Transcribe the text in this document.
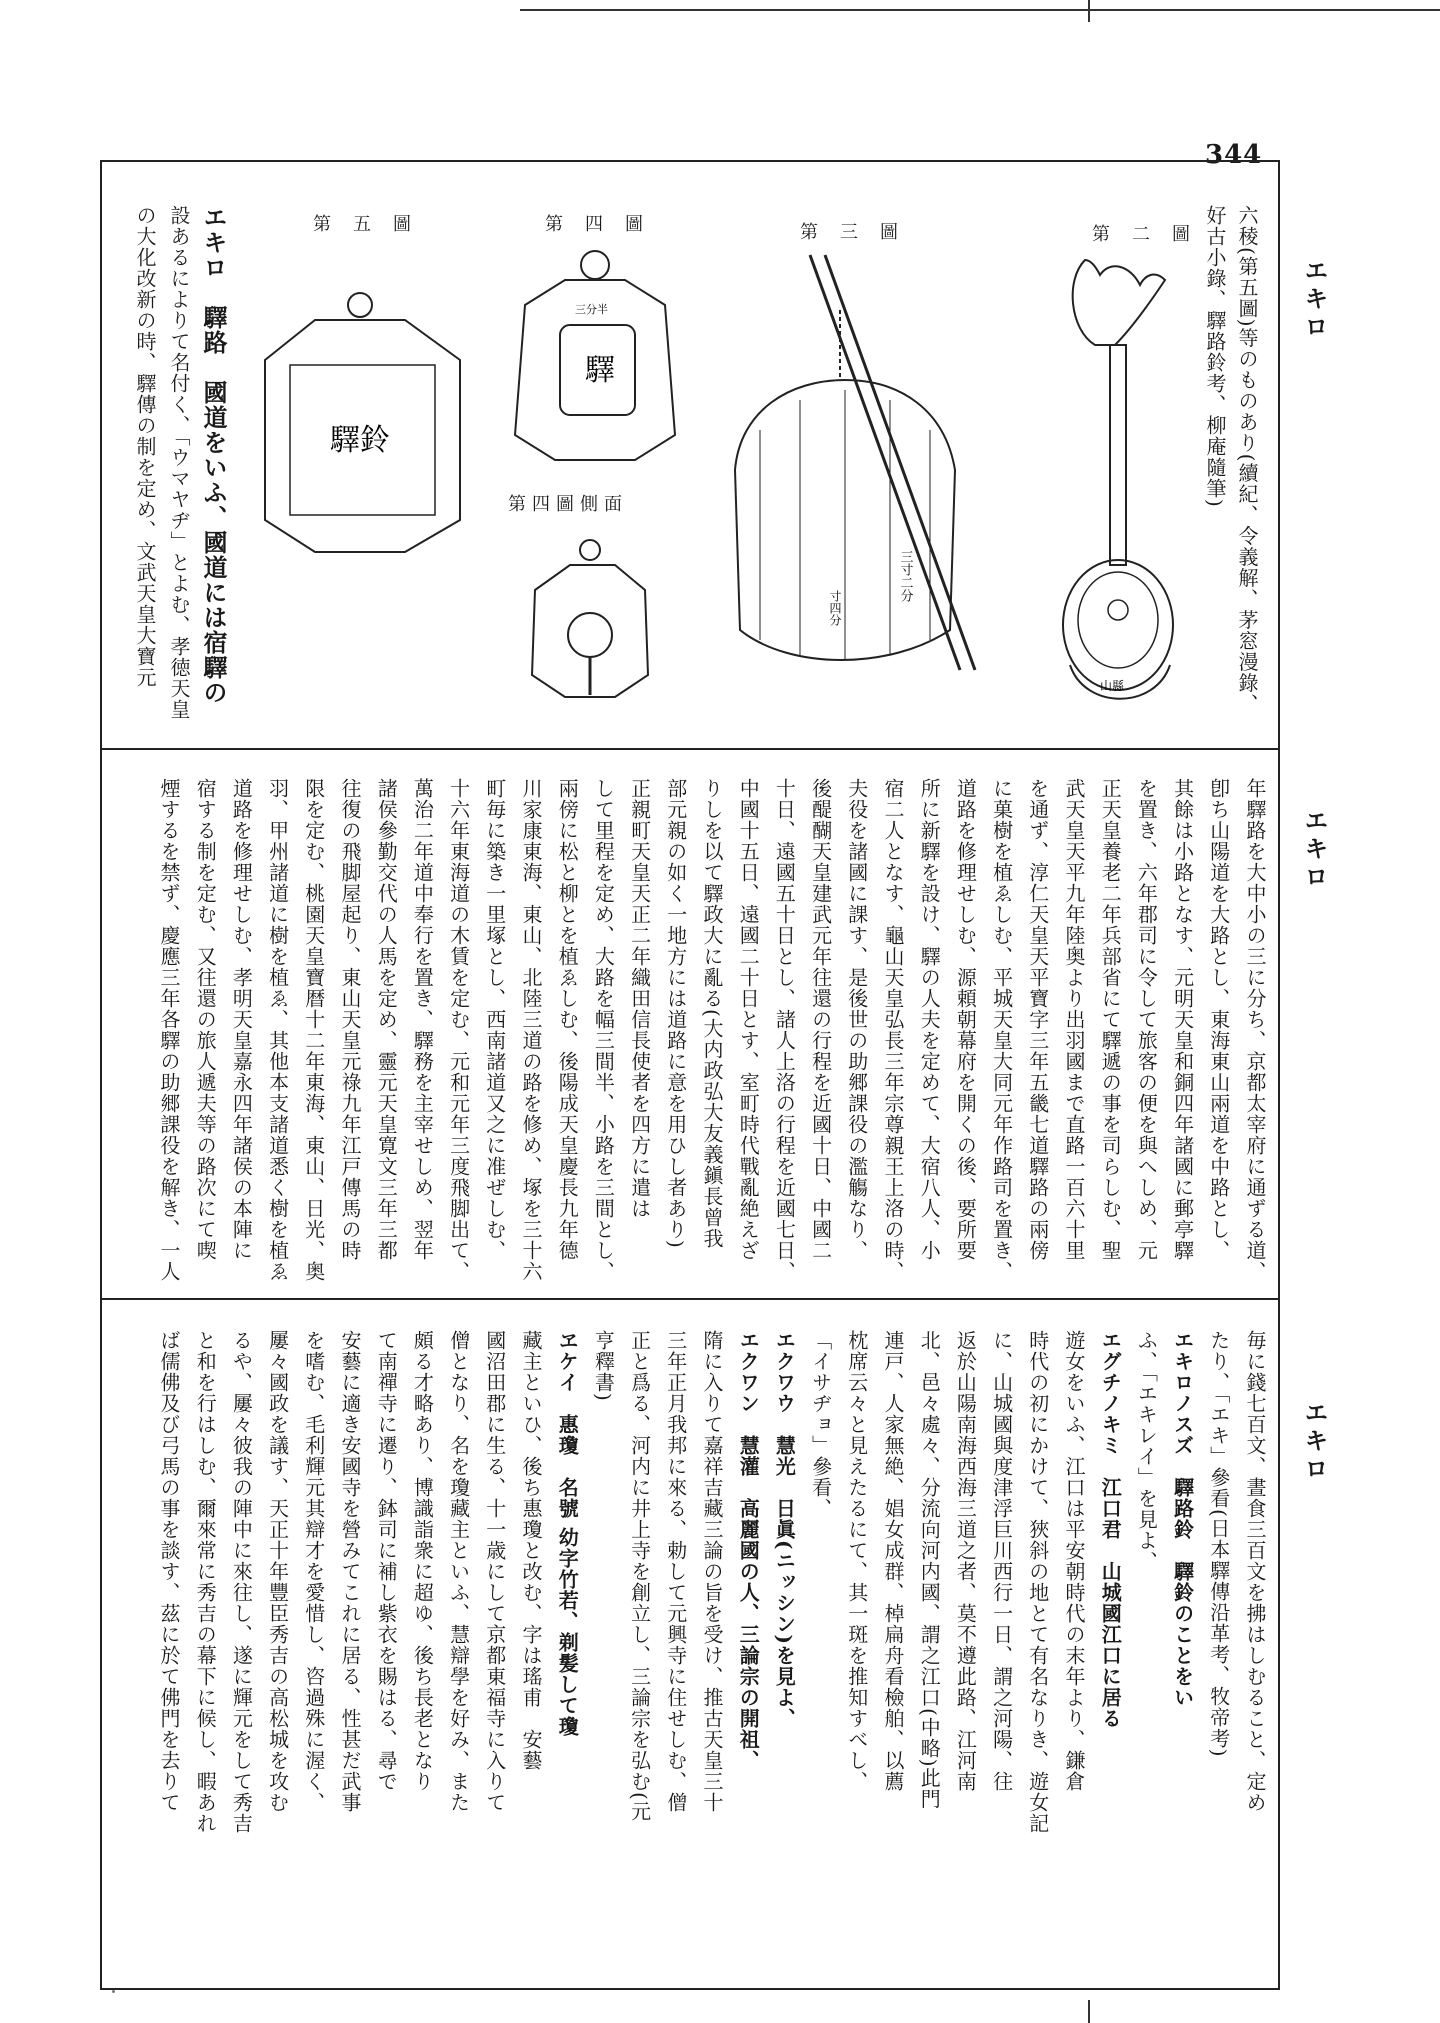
344
エキロ
エキロ
エキロ
六稜(第五圖)等のものあり(續紀、令義解、茅窓漫錄、
好古小錄、驛路鈴考、柳庵隨筆)
第二圖
第三圖
第四圖
第四圖側面
第五圖
山縣
三寸二分
寸四分
驛
三分半
驛鈴
エキロ　驛路　國道をいふ、國道には宿驛の
設あるによりて名付く、「ウマヤヂ」とよむ、孝徳天皇
の大化改新の時、驛傳の制を定め、文武天皇大寶元
年驛路を大中小の三に分ち、京都太宰府に通ずる道、
卽ち山陽道を大路とし、東海東山兩道を中路とし、
其餘は小路となす、元明天皇和銅四年諸國に郵亭驛
を置き、六年郡司に令して旅客の便を與へしめ、元
正天皇養老二年兵部省にて驛遞の事を司らしむ、聖
武天皇天平九年陸奥より出羽國まで直路一百六十里
を通ず、淳仁天皇天平寶字三年五畿七道驛路の兩傍
に菓樹を植ゑしむ、平城天皇大同元年作路司を置き、
道路を修理せしむ、源頼朝幕府を開くの後、要所要
所に新驛を設け、驛の人夫を定めて、大宿八人、小
宿二人となす、龜山天皇弘長三年宗尊親王上洛の時、
夫役を諸國に課す、是後世の助郷課役の濫觴なり、
後醍醐天皇建武元年往還の行程を近國十日、中國二
十日、遠國五十日とし、諸人上洛の行程を近國七日、
中國十五日、遠國二十日とす、室町時代戰亂絶えざ
りしを以て驛政大に亂る(大内政弘大友義鎭長曾我
部元親の如く一地方には道路に意を用ひし者あり)
正親町天皇天正二年織田信長使者を四方に遣は
して里程を定め、大路を幅三間半、小路を三間とし、
兩傍に松と柳とを植ゑしむ、後陽成天皇慶長九年德
川家康東海、東山、北陸三道の路を修め、塚を三十六
町毎に築き一里塚とし、西南諸道又之に准ぜしむ、
十六年東海道の木賃を定む、元和元年三度飛脚出て、
萬治二年道中奉行を置き、驛務を主宰せしめ、翌年
諸侯參勤交代の人馬を定め、靈元天皇寛文三年三都
往復の飛脚屋起り、東山天皇元祿九年江戸傳馬の時
限を定む、桃園天皇寶暦十二年東海、東山、日光、奥
羽、甲州諸道に樹を植ゑ、其他本支諸道悉く樹を植ゑ
道路を修理せしむ、孝明天皇嘉永四年諸侯の本陣に
宿する制を定む、又往還の旅人遞夫等の路次にて喫
煙するを禁ず、慶應三年各驛の助郷課役を解き、一人
毎に錢七百文、晝食三百文を拂はしむること、定め
たり、「エキ」參看(日本驛傳沿革考、牧帝考)
エキロノスズ　驛路鈴　驛鈴のことをい
ふ、「エキレイ」を見よ、
エグチノキミ　江口君　山城國江口に居る
遊女をいふ、江口は平安朝時代の末年より、鎌倉
時代の初にかけて、狹斜の地とて有名なりき、遊女記
に、山城國與度津浮巨川西行一日、謂之河陽、往
返於山陽南海西海三道之者、莫不遵此路、江河南
北、邑々處々、分流向河内國、謂之江口(中略)此門
連戸、人家無絶、娼女成群、棹扁舟看檢舶、以薦
枕席云々と見えたるにて、其一斑を推知すべし、
「イサヂョ」參看、
エクワウ　慧光　日眞(ニッシン)を見よ、
エクワン　慧灌　高麗國の人、三論宗の開祖、
隋に入りて嘉祥吉藏三論の旨を受け、推古天皇三十
三年正月我邦に來る、勅して元興寺に住せしむ、僧
正と爲る、河内に井上寺を創立し、三論宗を弘む(元
亨釋書)
ヱケイ　惠瓊　名號 幼字竹若、剃髪して瓊
藏主といひ、後ち惠瓊と改む、字は瑤甫　安藝
國沼田郡に生る、十一歳にして京都東福寺に入りて
僧となり、名を瓊藏主といふ、慧辯學を好み、また
頗る才略あり、博識詣衆に超ゆ、後ち長老となり
て南禪寺に遷り、鉢司に補し紫衣を賜はる、尋で
安藝に適き安國寺を營みてこれに居る、性甚だ武事
を嗜む、毛利輝元其辯才を愛惜し、咨過殊に渥く、
屢々國政を議す、天正十年豐臣秀吉の高松城を攻む
るや、屢々彼我の陣中に來往し、遂に輝元をして秀吉
と和を行はしむ、爾來常に秀吉の幕下に候し、暇あれ
ば儒佛及び弓馬の事を談す、茲に於て佛門を去りて
